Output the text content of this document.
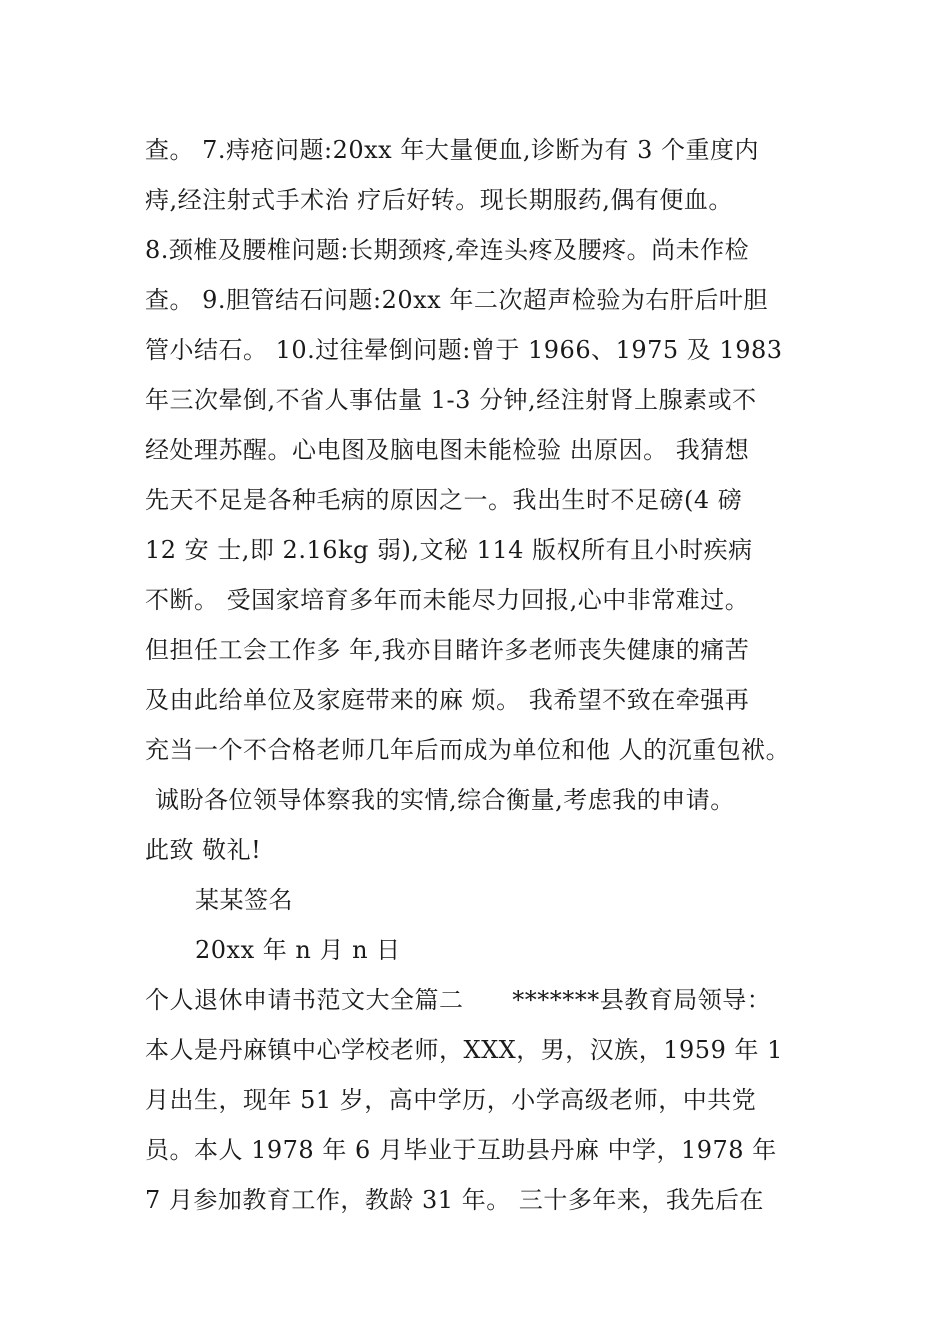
查。 7.痔疮问题:20xx 年大量便血,诊断为有 3 个重度内
痔,经注射式手术治 疗后好转。现长期服药,偶有便血。
8.颈椎及腰椎问题:长期颈疼,牵连头疼及腰疼。尚未作检
查。 9.胆管结石问题:20xx 年二次超声检验为右肝后叶胆
管小结石。 10.过往晕倒问题:曾于 1966、1975 及 1983
年三次晕倒,不省人事估量 1-3 分钟,经注射肾上腺素或不
经处理苏醒。心电图及脑电图未能检验 出原因。 我猜想
先天不足是各种毛病的原因之一。我出生时不足磅(4 磅
12 安 士,即 2.16kg 弱),文秘 114 版权所有且小时疾病
不断。 受国家培育多年而未能尽力回报,心中非常难过。
但担任工会工作多 年,我亦目睹许多老师丧失健康的痛苦
及由此给单位及家庭带来的麻 烦。 我希望不致在牵强再
充当一个不合格老师几年后而成为单位和他 人的沉重包袱。
诚盼各位领导体察我的实情,综合衡量,考虑我的申请。
此致 敬礼!
某某签名
20xx 年 n 月 n 日
个人退休申请书范文大全篇二      *******县教育局领导：
本人是丹麻镇中心学校老师，XXX，男，汉族，1959 年 1
月出生，现年 51 岁，高中学历，小学高级老师，中共党
员。本人 1978 年 6 月毕业于互助县丹麻 中学，1978 年
7 月参加教育工作，教龄 31 年。 三十多年来，我先后在
